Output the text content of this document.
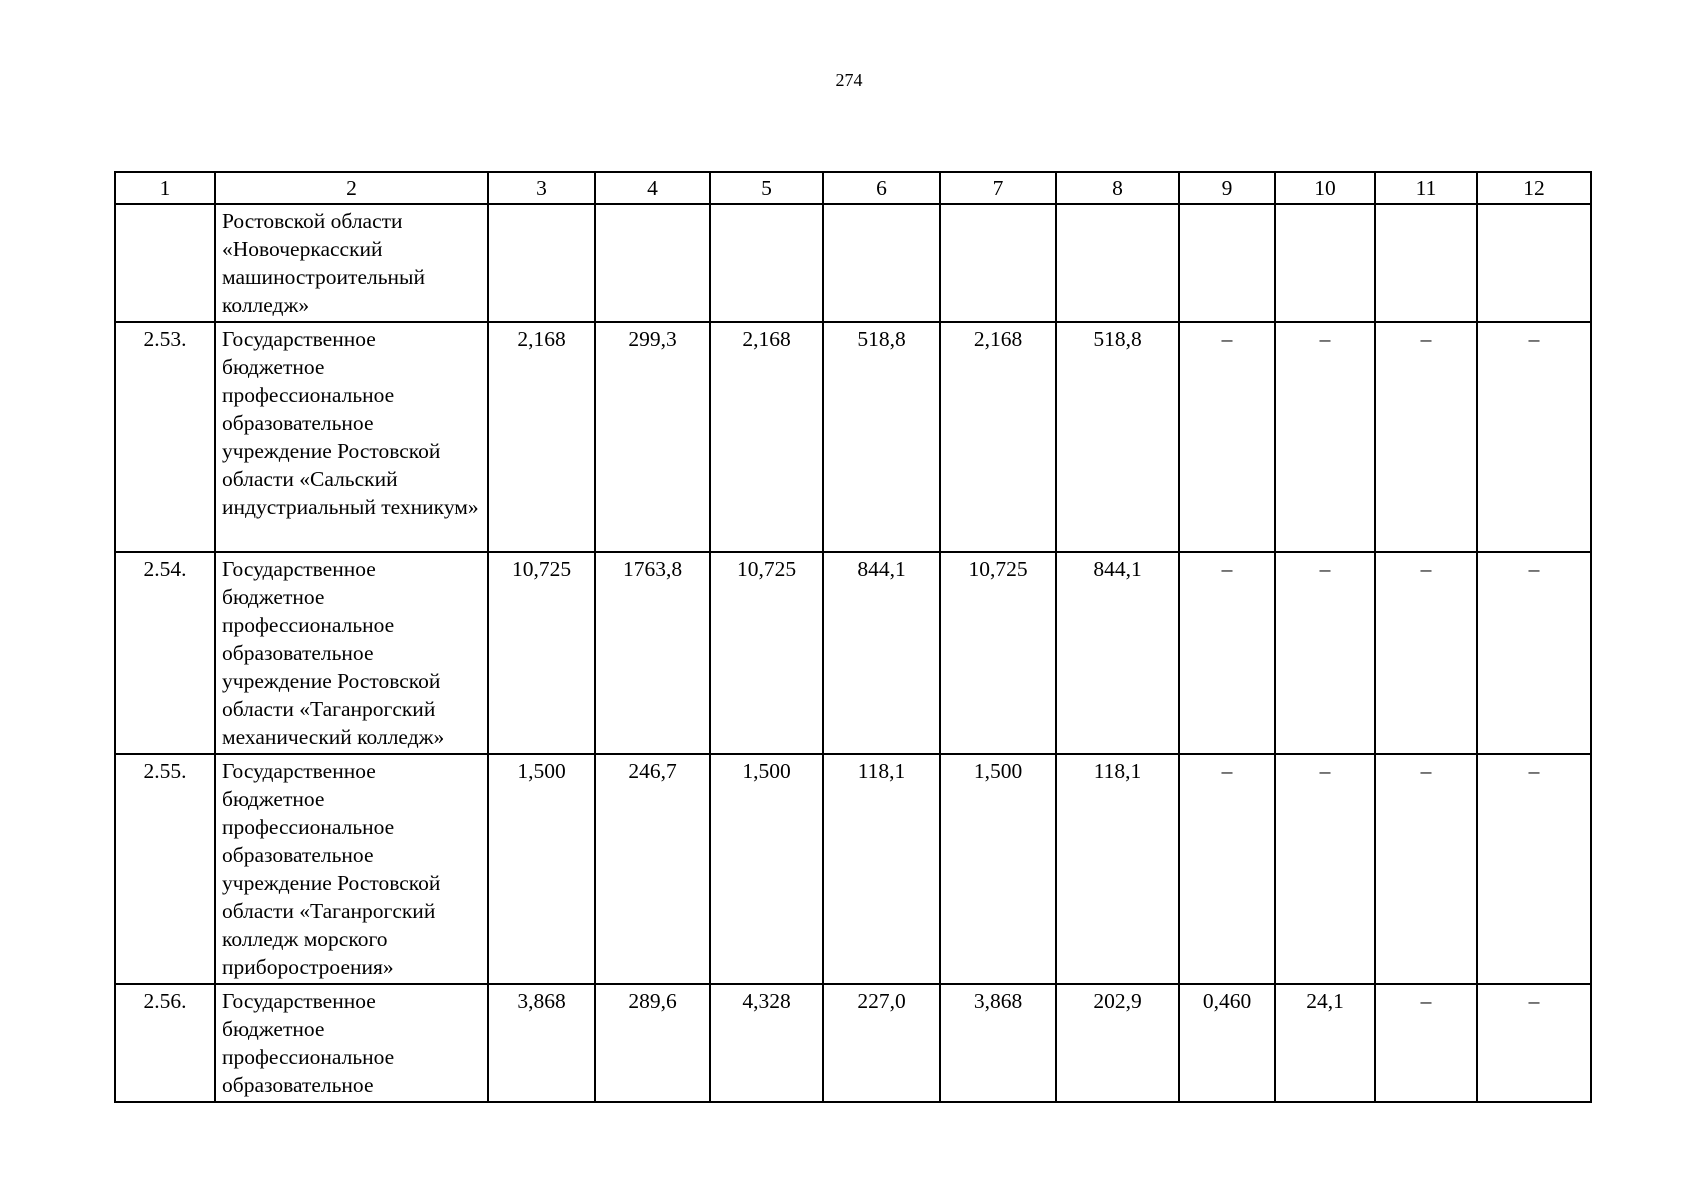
274
1	2	3	4	5	6	7	8	9	10	11	12
	Ростовской области «Новочеркасский машиностроительный колледж»										
2.53.	Государственное бюджетное профессиональное образовательное учреждение Ростовской области «Сальский индустриальный техникум»	2,168	299,3	2,168	518,8	2,168	518,8	–	–	–	–
2.54.	Государственное бюджетное профессиональное образовательное учреждение Ростовской области «Таганрогский механический колледж»	10,725	1763,8	10,725	844,1	10,725	844,1	–	–	–	–
2.55.	Государственное бюджетное профессиональное образовательное учреждение Ростовской области «Таганрогский колледж морского приборостроения»	1,500	246,7	1,500	118,1	1,500	118,1	–	–	–	–
2.56.	Государственное бюджетное профессиональное образовательное	3,868	289,6	4,328	227,0	3,868	202,9	0,460	24,1	–	–
